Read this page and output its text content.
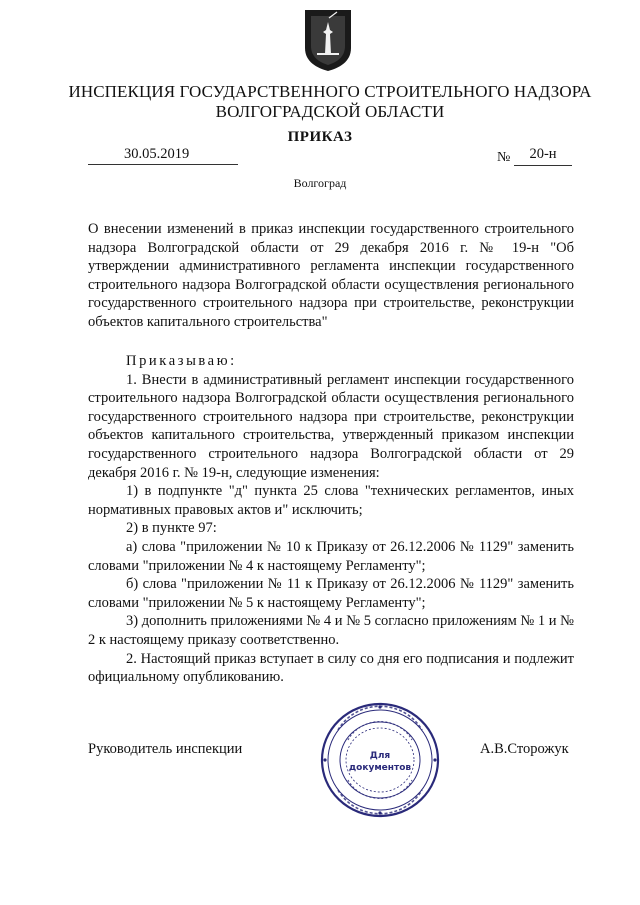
ИНСПЕКЦИЯ ГОСУДАРСТВЕННОГО СТРОИТЕЛЬНОГО НАДЗОРА
ВОЛГОГРАДСКОЙ ОБЛАСТИ
ПРИКАЗ
30.05.2019	№	20-н
Волгоград

О внесении изменений в приказ инспекции государственного строительного надзора Волгоградской области от 29 декабря 2016 г. № 19-н "Об утверждении административного регламента инспекции государственного строительного надзора Волгоградской области осуществления регионального государственного строительного надзора при строительстве, реконструкции объектов капитального строительства"

Приказываю:

1. Внести в административный регламент инспекции государственного строительного надзора Волгоградской области осуществления регионального государственного строительного надзора при строительстве, реконструкции объектов капитального строительства, утвержденный приказом инспекции государственного строительного надзора Волгоградской области от 29 декабря 2016 г. № 19-н, следующие изменения:

1) в подпункте "д" пункта 25 слова "технических регламентов, иных нормативных правовых актов и" исключить;

2) в пункте 97:

а) слова "приложении № 10 к Приказу от 26.12.2006 № 1129" заменить словами "приложении № 4 к настоящему Регламенту";

б) слова "приложении № 11 к Приказу от 26.12.2006 № 1129" заменить словами "приложении № 5 к настоящему Регламенту";

3) дополнить приложениями № 4 и № 5 согласно приложениям № 1 и № 2 к настоящему приказу соответственно.

2. Настоящий приказ вступает в силу со дня его подписания и подлежит официальному опубликованию.

Руководитель инспекции	А.В.Сторожук
Для
документов
